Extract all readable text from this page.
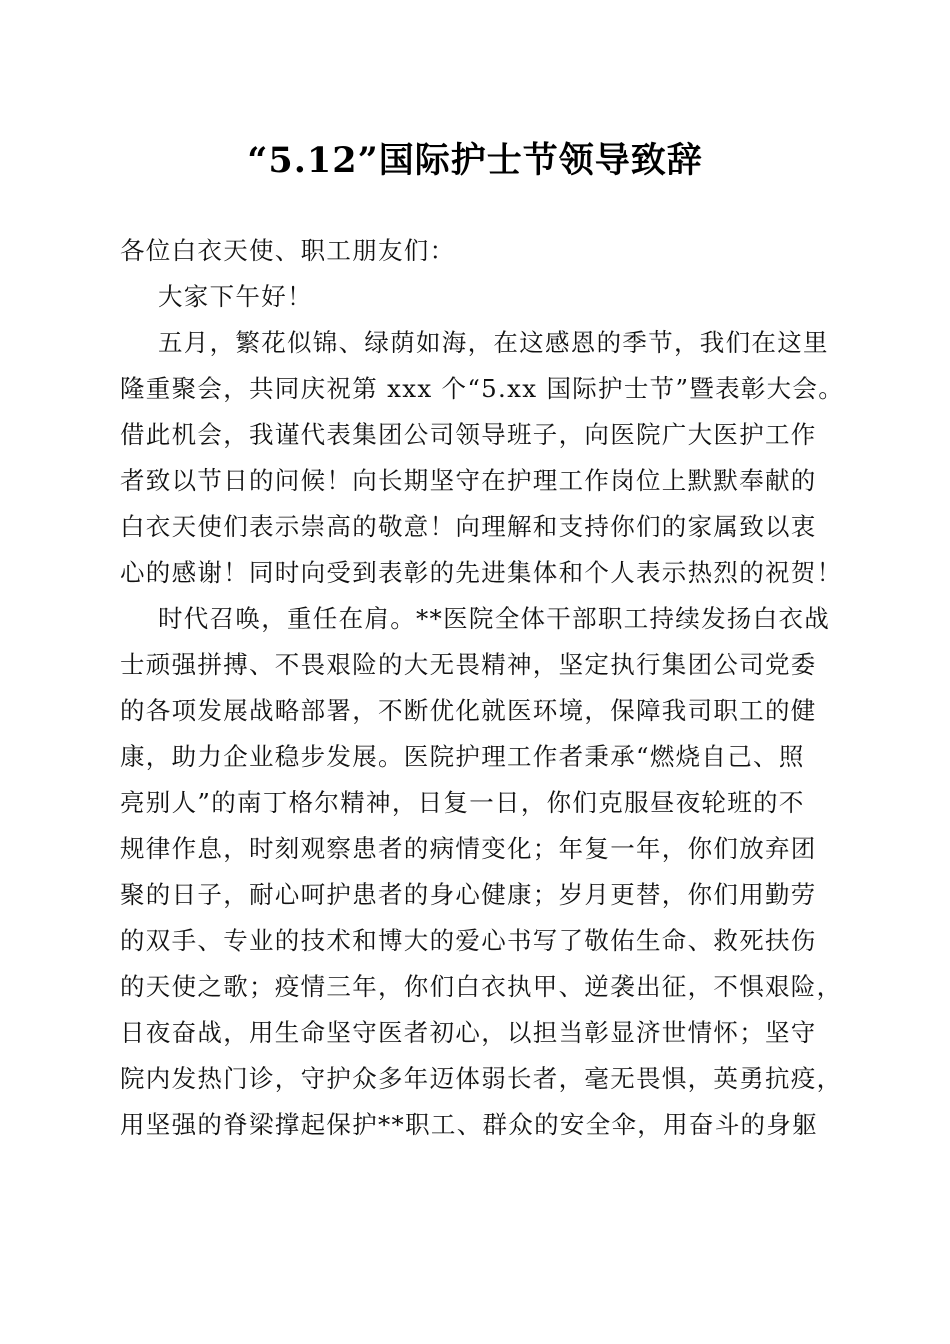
“5.12”国际护士节领导致辞
各位白衣天使、职工朋友们：
大家下午好！
五月，繁花似锦、绿荫如海，在这感恩的季节，我们在这里
隆重聚会，共同庆祝第 xxx 个“5.xx 国际护士节”暨表彰大会。
借此机会，我谨代表集团公司领导班子，向医院广大医护工作
者致以节日的问候！向长期坚守在护理工作岗位上默默奉献的
白衣天使们表示崇高的敬意！向理解和支持你们的家属致以衷
心的感谢！同时向受到表彰的先进集体和个人表示热烈的祝贺！
时代召唤，重任在肩。**医院全体干部职工持续发扬白衣战
士顽强拼搏、不畏艰险的大无畏精神，坚定执行集团公司党委
的各项发展战略部署，不断优化就医环境，保障我司职工的健
康，助力企业稳步发展。医院护理工作者秉承“燃烧自己、照
亮别人”的南丁格尔精神，日复一日，你们克服昼夜轮班的不
规律作息，时刻观察患者的病情变化；年复一年，你们放弃团
聚的日子，耐心呵护患者的身心健康；岁月更替，你们用勤劳
的双手、专业的技术和博大的爱心书写了敬佑生命、救死扶伤
的天使之歌；疫情三年，你们白衣执甲、逆袭出征，不惧艰险，
日夜奋战，用生命坚守医者初心，以担当彰显济世情怀；坚守
院内发热门诊，守护众多年迈体弱长者，毫无畏惧，英勇抗疫，
用坚强的脊梁撑起保护**职工、群众的安全伞，用奋斗的身躯
